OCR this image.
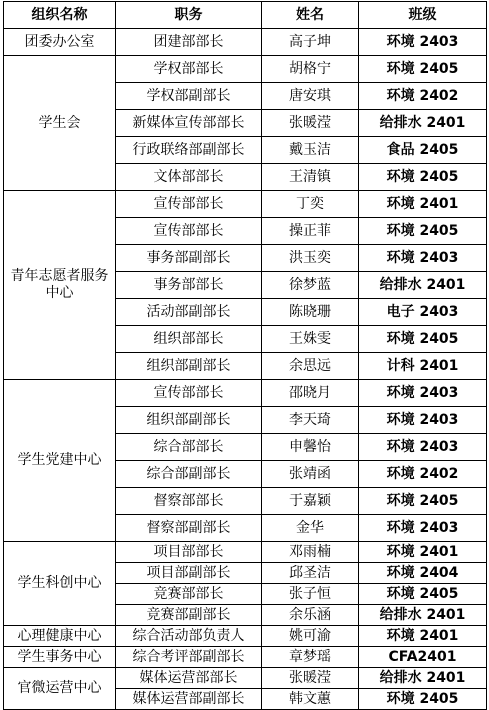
组织名称	职务	姓名	班级
团委办公室	团建部部长	高子坤	环境 2403
学生会	学权部部长	胡格宁	环境 2405
	学权部副部长	唐安琪	环境 2402
	新媒体宣传部部长	张暖滢	给排水 2401
	行政联络部副部长	戴玉洁	食品 2405
	文体部部长	王清镇	环境 2405
青年志愿者服务中心	宣传部部长	丁奕	环境 2401
	宣传部部长	操正菲	环境 2405
	事务部副部长	洪玉奕	环境 2403
	事务部部长	徐梦蓝	给排水 2401
	活动部副部长	陈晓珊	电子 2403
	组织部部长	王姝雯	环境 2405
	组织部副部长	余思远	计科 2401
学生党建中心	宣传部部长	邵晓月	环境 2403
	组织部副部长	李天琦	环境 2403
	综合部部长	申馨怡	环境 2403
	综合部副部长	张靖函	环境 2402
	督察部部长	于嘉颖	环境 2405
	督察部副部长	金华	环境 2403
学生科创中心	项目部部长	邓雨楠	环境 2401
	项目部副部长	邱圣洁	环境 2404
	竞赛部部长	张子恒	环境 2405
	竞赛部副部长	余乐涵	给排水 2401
心理健康中心	综合活动部负责人	姚可渝	环境 2401
学生事务中心	综合考评部副部长	章梦瑶	CFA2401
官微运营中心	媒体运营部部长	张暖滢	给排水 2401
	媒体运营部副部长	韩文蕙	环境 2405
